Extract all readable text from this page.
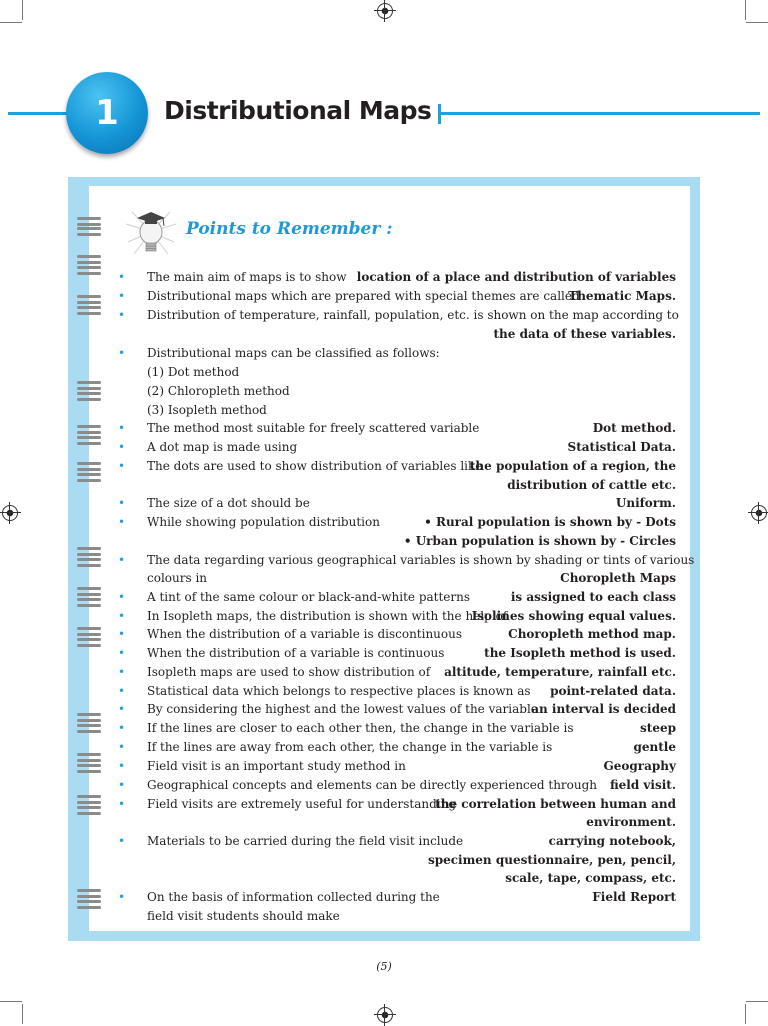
1	Distributional Maps
Points to Remember :
• The main aim of maps is to show location of a place and distribution of variables
• Distributional maps which are prepared with special themes are called
Thematic Maps.
• Distribution of temperature, rainfall, population, etc. is shown on the map according to
the data of these variables.
• Distributional maps can be classified as follows:
(1) Dot method
(2) Chloropleth method
(3) Isopleth method
• The method most suitable for freely scattered variable	Dot method.
• A dot map is made using	Statistical Data.
• The dots are used to show distribution of variables like
the population of a region, the
distribution of cattle etc.
• The size of a dot should be	Uniform.
• While showing population distribution	• Rural population is shown by - Dots
• Urban population is shown by - Circles
• The data regarding various geographical variables is shown by shading or tints of various
colours in	Choropleth Maps
• A tint of the same colour or black-and-white patterns	is assigned to each class
• In Isopleth maps, the distribution is shown with the help of
Isolines showing equal values.
• When the distribution of a variable is discontinuous	Choropleth method map.
• When the distribution of a variable is continuous	the Isopleth method is used.
• Isopleth maps are used to show distribution of altitude, temperature, rainfall etc.
• Statistical data which belongs to respective places is known as point-related data.
• By considering the highest and the lowest values of the variable
an interval is decided
• If the lines are closer to each other then, the change in the variable is	steep
• If the lines are away from each other, the change in the variable is	gentle
• Field visit is an important study method in	Geography
• Geographical concepts and elements can be directly experienced through field visit.
• Field visits are extremely useful for understanding
the correlation between human and
environment.
• Materials to be carried during the field visit include	carrying notebook,
specimen questionnaire, pen, pencil,
scale, tape, compass, etc.
• On the basis of information collected during the	Field Report
field visit students should make
(5)
